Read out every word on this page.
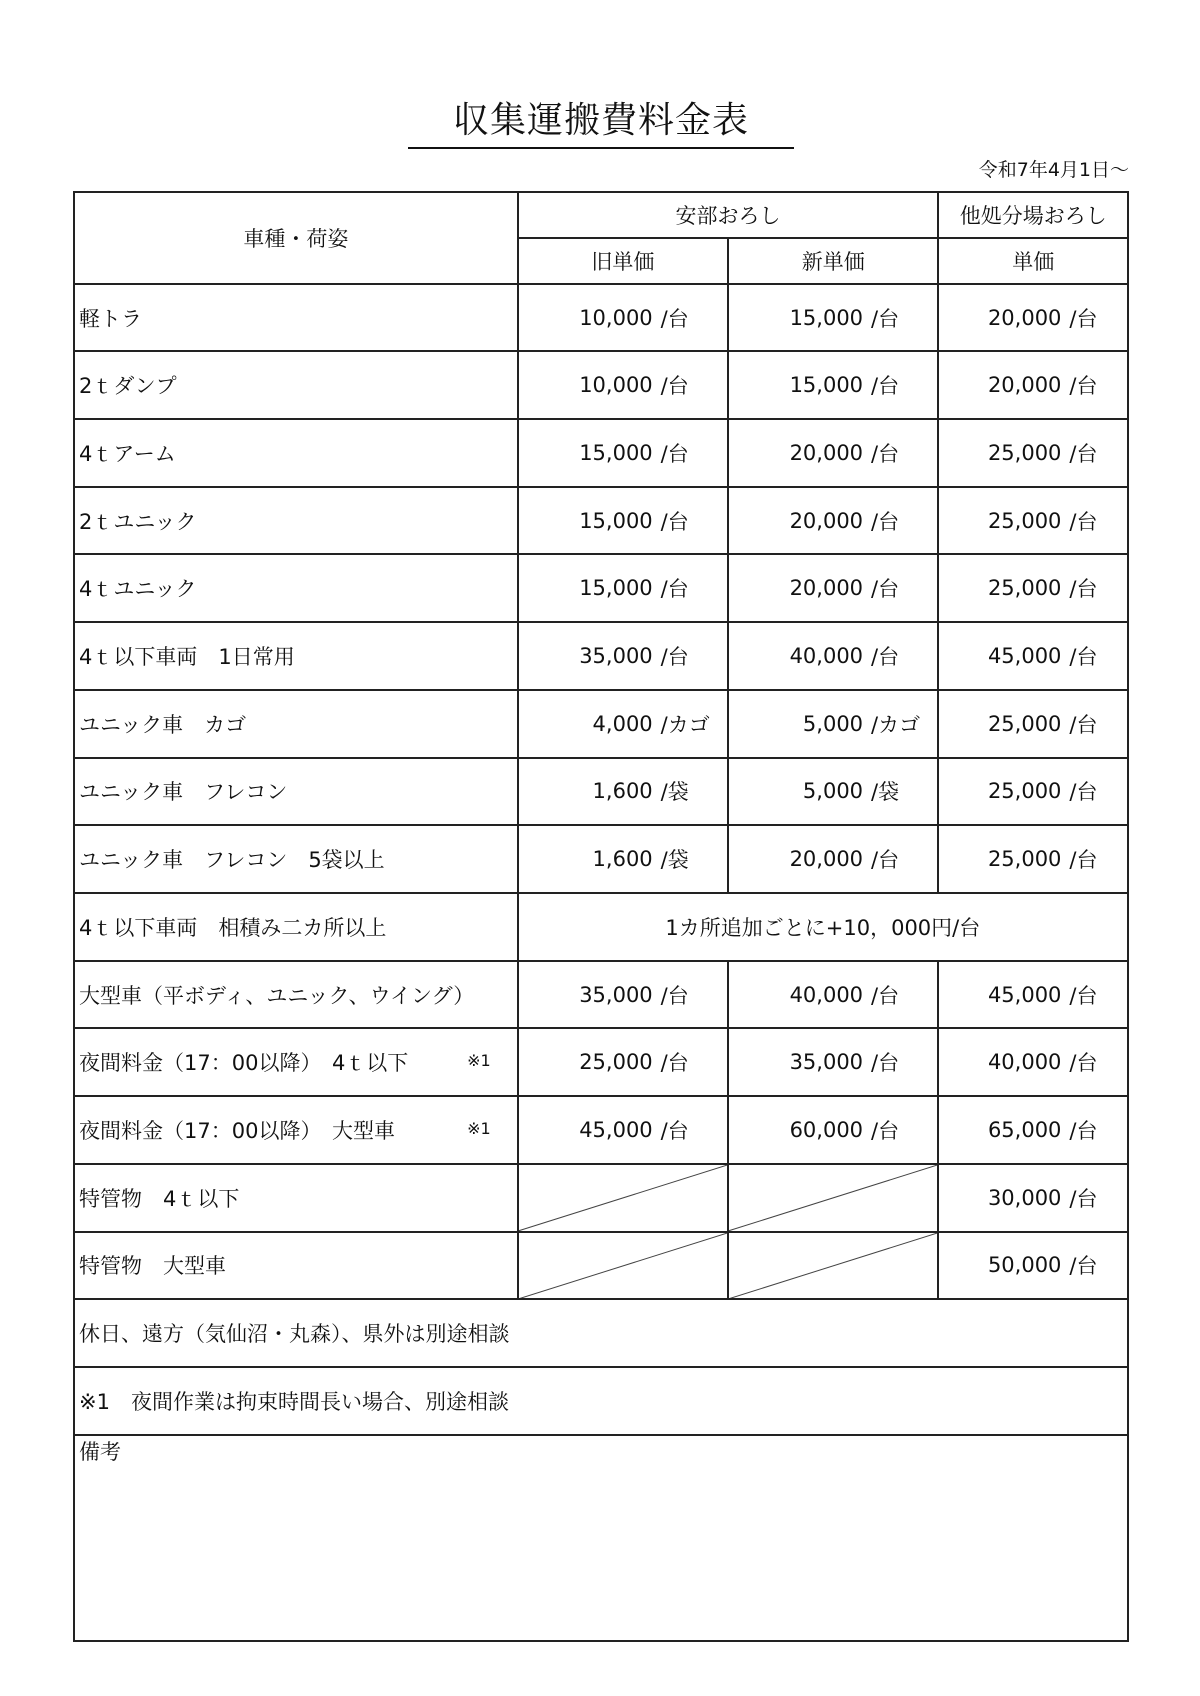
収集運搬費料金表
令和7年4月1日～
車種・荷姿	安部おろし		他処分場おろし
	旧単価	新単価	単価
軽トラ	10,000 /台	15,000 /台	20,000 /台

2ｔダンプ	10,000 /台	15,000 /台	20,000 /台

4ｔアーム	15,000 /台	20,000 /台	25,000 /台

2ｔユニック	15,000 /台	20,000 /台	25,000 /台

4ｔユニック	15,000 /台	20,000 /台	25,000 /台

4ｔ以下車両　1日常用	35,000 /台	40,000 /台	45,000 /台

ユニック車　カゴ	4,000 /カゴ	5,000 /カゴ	25,000 /台

ユニック車　フレコン	1,600 /袋	5,000 /袋	25,000 /台

ユニック車　フレコン　5袋以上	1,600 /袋	20,000 /台	25,000 /台

4ｔ以下車両　相積み二カ所以上	1カ所追加ごとに+10，000円/台		
大型車（平ボディ、ユニック、ウイング）	35,000 /台	40,000 /台	45,000 /台

夜間料金（17：00以降）　4ｔ以下 ※1	25,000 /台	35,000 /台	40,000 /台

夜間料金（17：00以降）　大型車 ※1	45,000 /台	60,000 /台	65,000 /台

特管物　4ｔ以下			30,000 /台

特管物　大型車			50,000 /台

休日、遠方（気仙沼・丸森）、県外は別途相談			
※1　夜間作業は拘束時間長い場合、別途相談			
備考			
